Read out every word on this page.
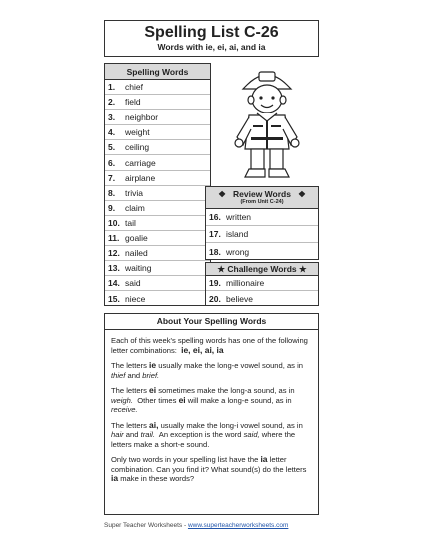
Spelling List C-26
Words with ie, ei, ai, and ia
Spelling Words
1.	chief
2.	field
3.	neighbor
4.	weight
5.	ceiling
6.	carriage
7.	airplane
8.	trivia
9.	claim
10. tail
11. goalie
12. nailed
13. waiting
14. said
15. niece
❖ Review Words ❖
(From Unit C-24)
16. written
17. island
18. wrong
★ Challenge Words ★
19. millionaire
20. believe
About Your Spelling Words

Each of this week's spelling words has one of the following letter combinations: ie, ei, ai, ia

The letters ie usually make the long-e vowel sound, as in thief and brief.

The letters ei sometimes make the long-a sound, as in weigh. Other times ei will make a long-e sound, as in receive.

The letters ai, usually make the long-i vowel sound, as in hair and trail. An exception is the word said, where the letters make a short-e sound.

Only two words in your spelling list have the ia letter combination. Can you find it? What sound(s) do the letters ia make in these words?

Super Teacher Worksheets - www.superteacherworksheets.com
